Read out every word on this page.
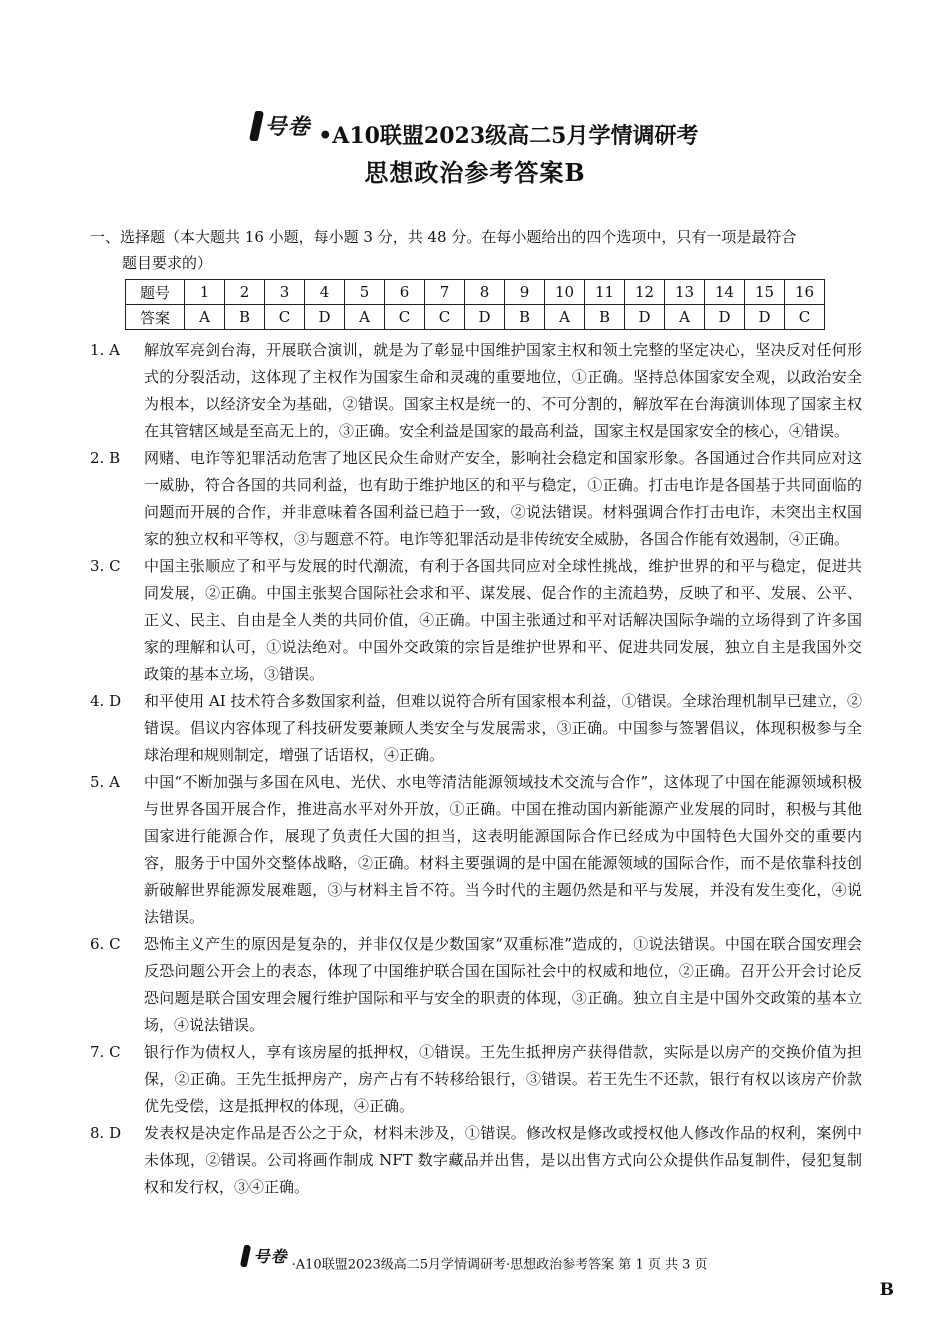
号卷 •A10联盟2023级高二5月学情调研考
思想政治参考答案B
一、选择题（本大题共 16 小题，每小题 3 分，共 48 分。在每小题给出的四个选项中，只有一项是最符合
题目要求的）
题号	1	2	3	4	5	6	7	8	9	10	11	12	13	14	15	16
答案	A	B	C	D	A	C	C	D	B	A	B	D	A	D	D	C
1. A	解放军亮剑台海，开展联合演训，就是为了彰显中国维护国家主权和领土完整的坚定决心，坚决反对任何形式的分裂活动，这体现了主权作为国家生命和灵魂的重要地位，①正确。坚持总体国家安全观，以政治安全为根本，以经济安全为基础，②错误。国家主权是统一的、不可分割的，解放军在台海演训体现了国家主权在其管辖区域是至高无上的，③正确。安全利益是国家的最高利益，国家主权是国家安全的核心，④错误。
2. B	网赌、电诈等犯罪活动危害了地区民众生命财产安全，影响社会稳定和国家形象。各国通过合作共同应对这一威胁，符合各国的共同利益，也有助于维护地区的和平与稳定，①正确。打击电诈是各国基于共同面临的问题而开展的合作，并非意味着各国利益已趋于一致，②说法错误。材料强调合作打击电诈，未突出主权国家的独立权和平等权，③与题意不符。电诈等犯罪活动是非传统安全威胁，各国合作能有效遏制，④正确。
3. C	中国主张顺应了和平与发展的时代潮流，有利于各国共同应对全球性挑战，维护世界的和平与稳定，促进共同发展，②正确。中国主张契合国际社会求和平、谋发展、促合作的主流趋势，反映了和平、发展、公平、正义、民主、自由是全人类的共同价值，④正确。中国主张通过和平对话解决国际争端的立场得到了许多国家的理解和认可，①说法绝对。中国外交政策的宗旨是维护世界和平、促进共同发展，独立自主是我国外交政策的基本立场，③错误。
4. D	和平使用 AI 技术符合多数国家利益，但难以说符合所有国家根本利益，①错误。全球治理机制早已建立，②错误。倡议内容体现了科技研发要兼顾人类安全与发展需求，③正确。中国参与签署倡议，体现积极参与全球治理和规则制定，增强了话语权，④正确。
5. A	中国“不断加强与多国在风电、光伏、水电等清洁能源领域技术交流与合作”，这体现了中国在能源领域积极与世界各国开展合作，推进高水平对外开放，①正确。中国在推动国内新能源产业发展的同时，积极与其他国家进行能源合作，展现了负责任大国的担当，这表明能源国际合作已经成为中国特色大国外交的重要内容，服务于中国外交整体战略，②正确。材料主要强调的是中国在能源领域的国际合作，而不是依靠科技创新破解世界能源发展难题，③与材料主旨不符。当今时代的主题仍然是和平与发展，并没有发生变化，④说法错误。
6. C	恐怖主义产生的原因是复杂的，并非仅仅是少数国家“双重标准”造成的，①说法错误。中国在联合国安理会反恐问题公开会上的表态，体现了中国维护联合国在国际社会中的权威和地位，②正确。召开公开会讨论反恐问题是联合国安理会履行维护国际和平与安全的职责的体现，③正确。独立自主是中国外交政策的基本立场，④说法错误。
7. C	银行作为债权人，享有该房屋的抵押权，①错误。王先生抵押房产获得借款，实际是以房产的交换价值为担保，②正确。王先生抵押房产，房产占有不转移给银行，③错误。若王先生不还款，银行有权以该房产价款优先受偿，这是抵押权的体现，④正确。
8. D	发表权是决定作品是否公之于众，材料未涉及，①错误。修改权是修改或授权他人修改作品的权利，案例中未体现，②错误。公司将画作制成 NFT 数字藏品并出售，是以出售方式向公众提供作品复制件，侵犯复制权和发行权，③④正确。
号卷 ·A10联盟2023级高二5月学情调研考·思想政治参考答案 第 1 页 共 3 页
B
